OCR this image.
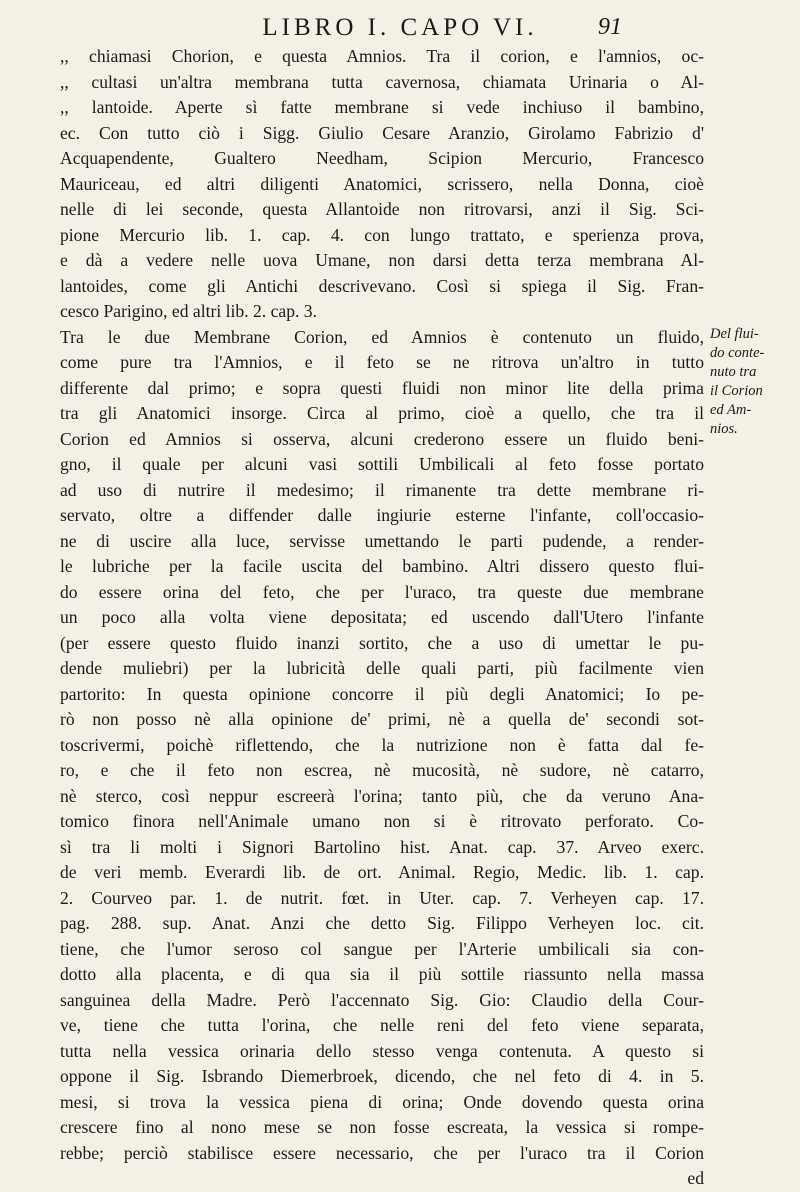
LIBRO I. CAPO VI.	91
,, chiamasi Chorion, e questa Amnios. Tra il corion, e l'amnios, oc-
,, cultasi un'altra membrana tutta cavernosa, chiamata Urinaria o Al-
,, lantoide. Aperte sì fatte membrane si vede inchiuso il bambino,
ec. Con tutto ciò i Sigg. Giulio Cesare Aranzio, Girolamo Fabrizio d'
Acquapendente, Gualtero Needham, Scipion Mercurio, Francesco
Mauriceau, ed altri diligenti Anatomici, scrissero, nella Donna, cioè
nelle di lei seconde, questa Allantoide non ritrovarsi, anzi il Sig. Sci-
pione Mercurio lib. 1. cap. 4. con lungo trattato, e sperienza prova,
e dà a vedere nelle uova Umane, non darsi detta terza membrana Al-
lantoides, come gli Antichi descrivevano. Così si spiega il Sig. Fran-
cesco Parigino, ed altri lib. 2. cap. 3.
Tra le due Membrane Corion, ed Amnios è contenuto un fluido,
come pure tra l'Amnios, e il feto se ne ritrova un'altro in tutto
differente dal primo; e sopra questi fluidi non minor lite della prima
tra gli Anatomici insorge. Circa al primo, cioè a quello, che tra il
Corion ed Amnios si osserva, alcuni crederono essere un fluido beni-
gno, il quale per alcuni vasi sottili Umbilicali al feto fosse portato
ad uso di nutrire il medesimo; il rimanente tra dette membrane ri-
servato, oltre a diffender dalle ingiurie esterne l'infante, coll'occasio-
ne di uscire alla luce, servisse umettando le parti pudende, a render-
le lubriche per la facile uscita del bambino. Altri dissero questo flui-
do essere orina del feto, che per l'uraco, tra queste due membrane
un poco alla volta viene depositata; ed uscendo dall'Utero l'infante
(per essere questo fluido inanzi sortito, che a uso di umettar le pu-
dende muliebri) per la lubricità delle quali parti, più facilmente vien
partorito: In questa opinione concorre il più degli Anatomici; Io pe-
rò non posso nè alla opinione de' primi, nè a quella de' secondi sot-
toscrivermi, poichè riflettendo, che la nutrizione non è fatta dal fe-
ro, e che il feto non escrea, nè mucosità, nè sudore, nè catarro,
nè sterco, così neppur escreerà l'orina; tanto più, che da veruno Ana-
tomico finora nell'Animale umano non si è ritrovato perforato. Co-
sì tra li molti i Signori Bartolino hist. Anat. cap. 37. Arveo exerc.
de veri memb. Everardi lib. de ort. Animal. Regio, Medic. lib. 1. cap.
2. Courveo par. 1. de nutrit. fœt. in Uter. cap. 7. Verheyen cap. 17.
pag. 288. sup. Anat. Anzi che detto Sig. Filippo Verheyen loc. cit.
tiene, che l'umor seroso col sangue per l'Arterie umbilicali sia con-
dotto alla placenta, e di qua sia il più sottile riassunto nella massa
sanguinea della Madre. Però l'accennato Sig. Gio: Claudio della Cour-
ve, tiene che tutta l'orina, che nelle reni del feto viene separata,
tutta nella vessica orinaria dello stesso venga contenuta. A questo si
oppone il Sig. Isbrando Diemerbroek, dicendo, che nel feto di 4. in 5.
mesi, si trova la vessica piena di orina; Onde dovendo questa orina
crescere fino al nono mese se non fosse escreata, la vessica si rompe-
rebbe; perciò stabilisce essere necessario, che per l'uraco tra il Corion
ed
Del flui-
do conte-
nuto tra
il Corion
ed Am-
nios.
